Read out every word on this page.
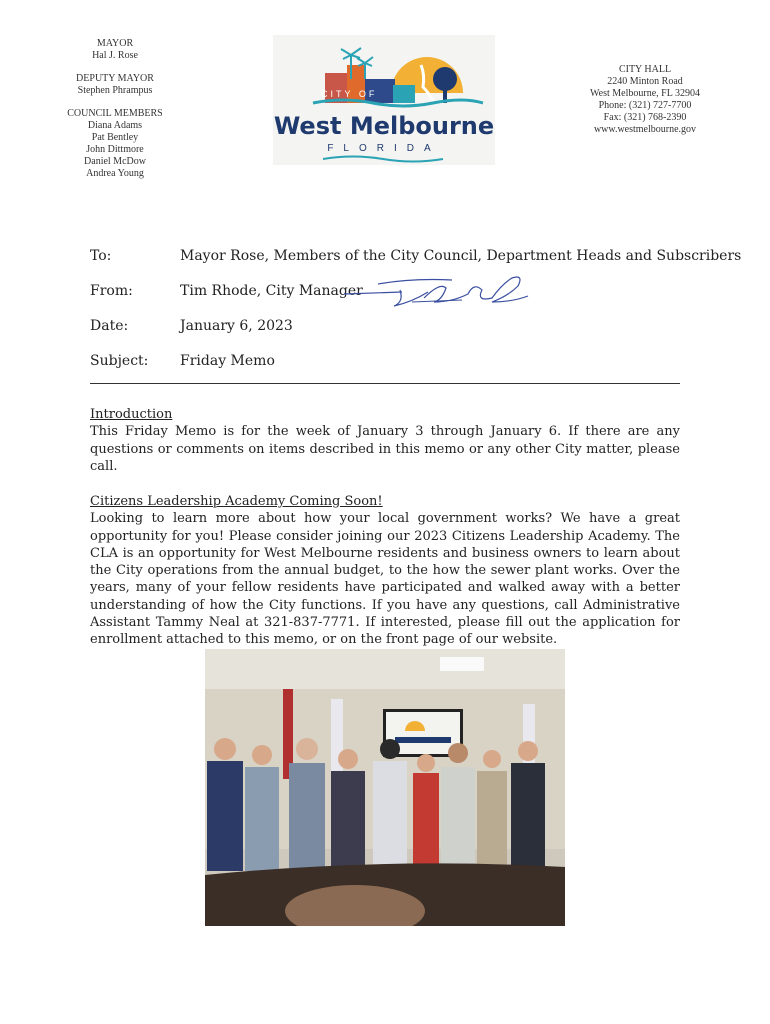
MAYOR
Hal J. Rose
DEPUTY MAYOR
Stephen Phrampus
COUNCIL MEMBERS
Diana Adams
Pat Bentley
John Dittmore
Daniel McDow
Andrea Young
CITY OF
West Melbourne
FLORIDA
CITY HALL
2240 Minton Road
West Melbourne, FL 32904
Phone: (321) 727-7700
Fax: (321) 768-2390
www.westmelbourne.gov
To:	Mayor Rose, Members of the City Council, Department Heads and Subscribers
From:	Tim Rhode, City Manager
Date:	January 6, 2023
Subject: Friday Memo
Introduction
This Friday Memo is for the week of January 3 through January 6. If there are any questions or comments on items described in this memo or any other City matter, please call.
Citizens Leadership Academy Coming Soon!
Looking to learn more about how your local government works? We have a great opportunity for you! Please consider joining our 2023 Citizens Leadership Academy. The CLA is an opportunity for West Melbourne residents and business owners to learn about the City operations from the annual budget, to the how the sewer plant works. Over the years, many of your fellow residents have participated and walked away with a better understanding of how the City functions. If you have any questions, call Administrative Assistant Tammy Neal at 321-837-7771. If interested, please fill out the application for enrollment attached to this memo, or on the front page of our website.
